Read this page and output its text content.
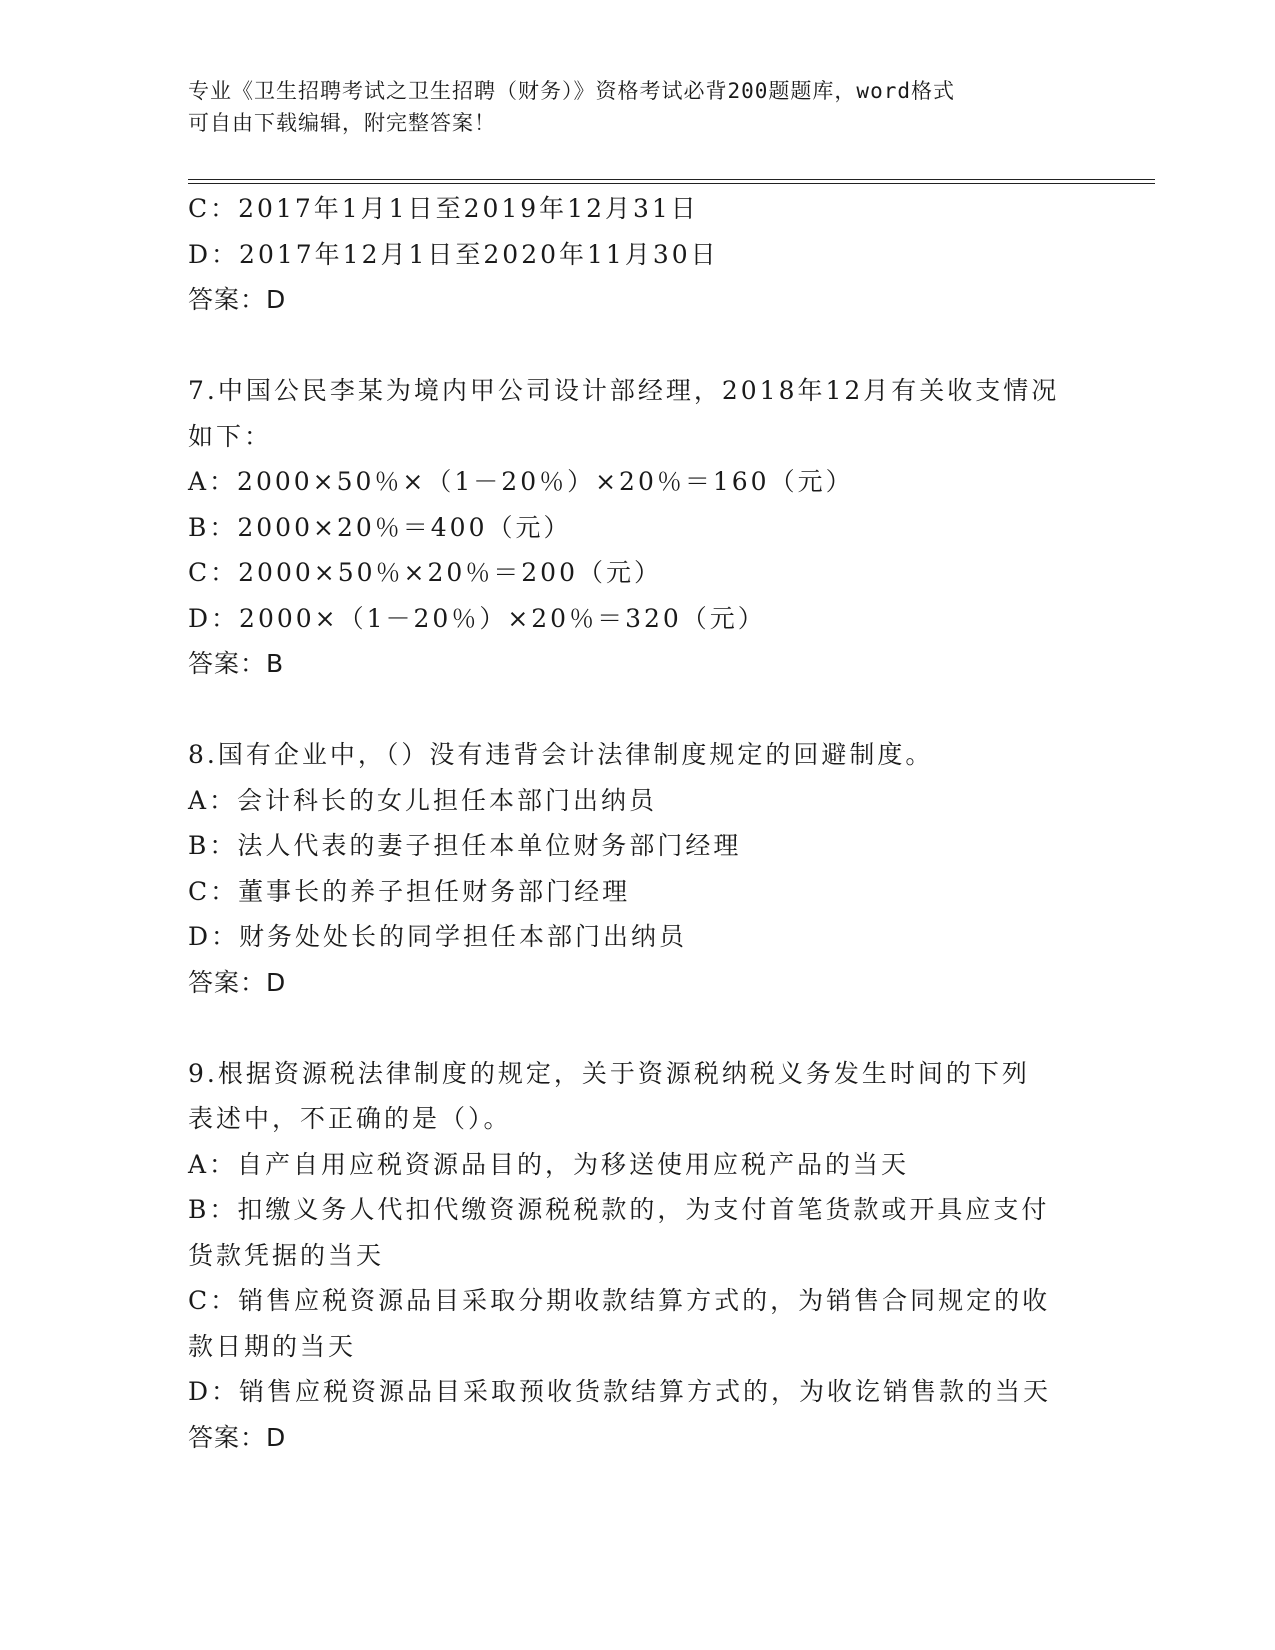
专业《卫生招聘考试之卫生招聘（财务）》资格考试必背200题题库，word格式
可自由下载编辑，附完整答案！
C：2017年1月1日至2019年12月31日
D：2017年12月1日至2020年11月30日
答案：D
7.中国公民李某为境内甲公司设计部经理，2018年12月有关收支情况
如下：
A：2000×50％×（1－20％）×20％＝160（元）
B：2000×20％＝400（元）
C：2000×50％×20％＝200（元）
D：2000×（1－20％）×20％＝320（元）
答案：B
8.国有企业中，（）没有违背会计法律制度规定的回避制度。
A：会计科长的女儿担任本部门出纳员
B：法人代表的妻子担任本单位财务部门经理
C：董事长的养子担任财务部门经理
D：财务处处长的同学担任本部门出纳员
答案：D
9.根据资源税法律制度的规定，关于资源税纳税义务发生时间的下列
表述中，不正确的是（）。
A：自产自用应税资源品目的，为移送使用应税产品的当天
B：扣缴义务人代扣代缴资源税税款的，为支付首笔货款或开具应支付
货款凭据的当天
C：销售应税资源品目采取分期收款结算方式的，为销售合同规定的收
款日期的当天
D：销售应税资源品目采取预收货款结算方式的，为收讫销售款的当天
答案：D
